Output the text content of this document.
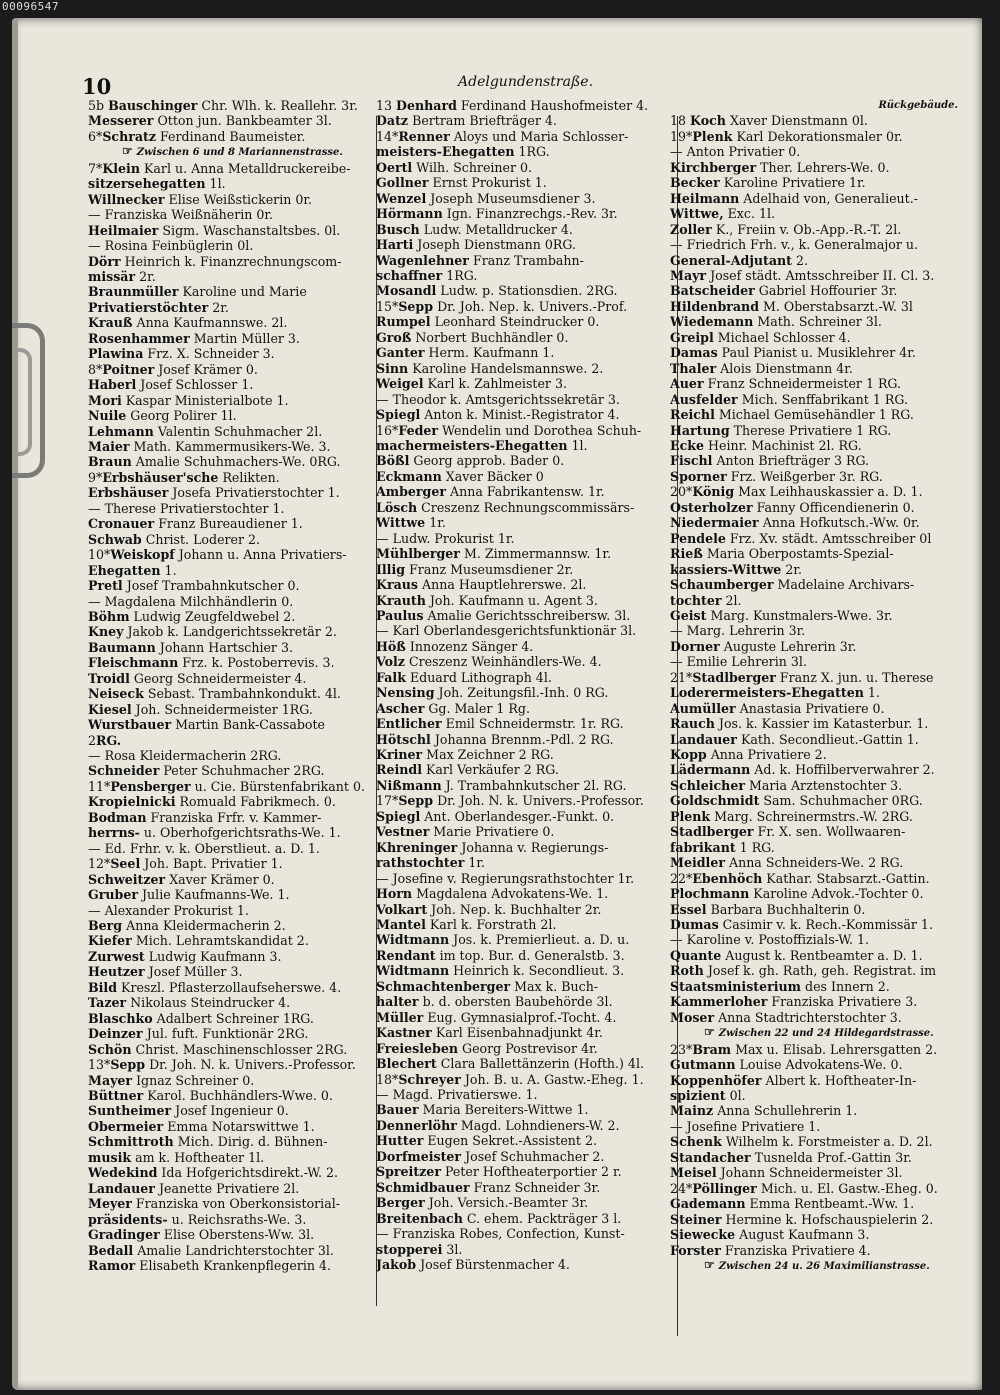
00096547
10	Adelgundenstraße.
5b Bauschinger Chr. Wlh. k. Reallehr. 3r.
Messerer Otton jun. Bankbeamter 3l.
6*Schratz Ferdinand Baumeister.
☞ Zwischen 6 und 8 Mariannenstrasse.
7*Klein Karl u. Anna Metalldruckereibe-
sitzersehegatten 1l.
Willnecker Elise Weißstickerin 0r.
— Franziska Weißnäherin 0r.
Heilmaier Sigm. Waschanstaltsbes. 0l.
— Rosina Feinbüglerin 0l.
Dörr Heinrich k. Finanzrechnungscom-
missär 2r.
Braunmüller Karoline und Marie
Privatierstöchter 2r.
Krauß Anna Kaufmannswe. 2l.
Rosenhammer Martin Müller 3.
Plawina Frz. X. Schneider 3.
8*Poitner Josef Krämer 0.
Haberl Josef Schlosser 1.
Mori Kaspar Ministerialbote 1.
Nuile Georg Polirer 1l.
Lehmann Valentin Schuhmacher 2l.
Maier Math. Kammermusikers-We. 3.
Braun Amalie Schuhmachers-We. 0RG.
9*Erbshäuser'sche Relikten.
Erbshäuser Josefa Privatierstochter 1.
— Therese Privatierstochter 1.
Cronauer Franz Bureaudiener 1.
Schwab Christ. Loderer 2.
10*Weiskopf Johann u. Anna Privatiers-
Ehegatten 1.
Pretl Josef Trambahnkutscher 0.
— Magdalena Milchhändlerin 0.
Böhm Ludwig Zeugfeldwebel 2.
Kney Jakob k. Landgerichtssekretär 2.
Baumann Johann Hartschier 3.
Fleischmann Frz. k. Postoberrevis. 3.
Troidl Georg Schneidermeister 4.
Neiseck Sebast. Trambahnkondukt. 4l.
Kiesel Joh. Schneidermeister 1RG.
Wurstbauer Martin Bank-Cassabote
2RG.
— Rosa Kleidermacherin 2RG.
Schneider Peter Schuhmacher 2RG.
11*Pensberger u. Cie. Bürstenfabrikant 0.
Kropielnicki Romuald Fabrikmech. 0.
Bodman Franziska Frfr. v. Kammer-
herrns- u. Oberhofgerichtsraths-We. 1.
— Ed. Frhr. v. k. Oberstlieut. a. D. 1.
12*Seel Joh. Bapt. Privatier 1.
Schweitzer Xaver Krämer 0.
Gruber Julie Kaufmanns-We. 1.
— Alexander Prokurist 1.
Berg Anna Kleidermacherin 2.
Kiefer Mich. Lehramtskandidat 2.
Zurwest Ludwig Kaufmann 3.
Heutzer Josef Müller 3.
Bild Kreszl. Pflasterzollaufseherswe. 4.
Tazer Nikolaus Steindrucker 4.
Blaschko Adalbert Schreiner 1RG.
Deinzer Jul. fuft. Funktionär 2RG.
Schön Christ. Maschinenschlosser 2RG.
13*Sepp Dr. Joh. N. k. Univers.-Professor.
Mayer Ignaz Schreiner 0.
Büttner Karol. Buchhändlers-Wwe. 0.
Suntheimer Josef Ingenieur 0.
Obermeier Emma Notarswittwe 1.
Schmittroth Mich. Dirig. d. Bühnen-
musik am k. Hoftheater 1l.
Wedekind Ida Hofgerichtsdirekt.-W. 2.
Landauer Jeanette Privatiere 2l.
Meyer Franziska von Oberkonsistorial-
präsidents- u. Reichsraths-We. 3.
Gradinger Elise Oberstens-Ww. 3l.
Bedall Amalie Landrichterstochter 3l.
Ramor Elisabeth Krankenpflegerin 4.
13 Denhard Ferdinand Haushofmeister 4.
Datz Bertram Briefträger 4.
14*Renner Aloys und Maria Schlosser-
meisters-Ehegatten 1RG.
Oertl Wilh. Schreiner 0.
Gollner Ernst Prokurist 1.
Wenzel Joseph Museumsdiener 3.
Hörmann Ign. Finanzrechgs.-Rev. 3r.
Busch Ludw. Metalldrucker 4.
Harti Joseph Dienstmann 0RG.
Wagenlehner Franz Trambahn-
schaffner 1RG.
Mosandl Ludw. p. Stationsdien. 2RG.
15*Sepp Dr. Joh. Nep. k. Univers.-Prof.
Rumpel Leonhard Steindrucker 0.
Groß Norbert Buchhändler 0.
Ganter Herm. Kaufmann 1.
Sinn Karoline Handelsmannswe. 2.
Weigel Karl k. Zahlmeister 3.
— Theodor k. Amtsgerichtssekretär 3.
Spiegl Anton k. Minist.-Registrator 4.
16*Feder Wendelin und Dorothea Schuh-
machermeisters-Ehegatten 1l.
Bößl Georg approb. Bader 0.
Eckmann Xaver Bäcker 0
Amberger Anna Fabrikantensw. 1r.
Lösch Creszenz Rechnungscommissärs-
Wittwe 1r.
— Ludw. Prokurist 1r.
Mühlberger M. Zimmermannsw. 1r.
Illig Franz Museumsdiener 2r.
Kraus Anna Hauptlehrerswe. 2l.
Krauth Joh. Kaufmann u. Agent 3.
Paulus Amalie Gerichtsschreibersw. 3l.
— Karl Oberlandesgerichtsfunktionär 3l.
Höß Innozenz Sänger 4.
Volz Creszenz Weinhändlers-We. 4.
Falk Eduard Lithograph 4l.
Nensing Joh. Zeitungsfil.-Inh. 0 RG.
Ascher Gg. Maler 1 Rg.
Entlicher Emil Schneidermstr. 1r. RG.
Hötschl Johanna Brennm.-Pdl. 2 RG.
Kriner Max Zeichner 2 RG.
Reindl Karl Verkäufer 2 RG.
Nißmann J. Trambahnkutscher 2l. RG.
17*Sepp Dr. Joh. N. k. Univers.-Professor.
Spiegl Ant. Oberlandesger.-Funkt. 0.
Vestner Marie Privatiere 0.
Khreninger Johanna v. Regierungs-
rathstochter 1r.
— Josefine v. Regierungsrathstochter 1r.
Horn Magdalena Advokatens-We. 1.
Volkart Joh. Nep. k. Buchhalter 2r.
Mantel Karl k. Forstrath 2l.
Widtmann Jos. k. Premierlieut. a. D. u.
Rendant im top. Bur. d. Generalstb. 3.
Widtmann Heinrich k. Secondlieut. 3.
Schmachtenberger Max k. Buch-
halter b. d. obersten Baubehörde 3l.
Müller Eug. Gymnasialprof.-Tocht. 4.
Kastner Karl Eisenbahnadjunkt 4r.
Freiesleben Georg Postrevisor 4r.
Blechert Clara Ballettänzerin (Hofth.) 4l.
18*Schreyer Joh. B. u. A. Gastw.-Eheg. 1.
— Magd. Privatierswe. 1.
Bauer Maria Bereiters-Wittwe 1.
Dennerlöhr Magd. Lohndieners-W. 2.
Hutter Eugen Sekret.-Assistent 2.
Dorfmeister Josef Schuhmacher 2.
Spreitzer Peter Hoftheaterportier 2 r.
Schmidbauer Franz Schneider 3r.
Berger Joh. Versich.-Beamter 3r.
Breitenbach C. ehem. Packträger 3 l.
— Franziska Robes, Confection, Kunst-
stopperei 3l.
Jakob Josef Bürstenmacher 4.
Rückgebäude.
18 Koch Xaver Dienstmann 0l.
19*Plenk Karl Dekorationsmaler 0r.
— Anton Privatier 0.
Kirchberger Ther. Lehrers-We. 0.
Becker Karoline Privatiere 1r.
Heilmann Adelhaid von, Generalieut.-
Wittwe, Exc. 1l.
Zoller K., Freiin v. Ob.-App.-R.-T. 2l.
— Friedrich Frh. v., k. Generalmajor u.
General-Adjutant 2.
Mayr Josef städt. Amtsschreiber II. Cl. 3.
Batscheider Gabriel Hoffourier 3r.
Hildenbrand M. Oberstabsarzt.-W. 3l
Wiedemann Math. Schreiner 3l.
Greipl Michael Schlosser 4.
Damas Paul Pianist u. Musiklehrer 4r.
Thaler Alois Dienstmann 4r.
Auer Franz Schneidermeister 1 RG.
Ausfelder Mich. Senffabrikant 1 RG.
Reichl Michael Gemüsehändler 1 RG.
Hartung Therese Privatiere 1 RG.
Ecke Heinr. Machinist 2l. RG.
Fischl Anton Briefträger 3 RG.
Sporner Frz. Weißgerber 3r. RG.
20*König Max Leihhauskassier a. D. 1.
Osterholzer Fanny Officendienerin 0.
Niedermaier Anna Hofkutsch.-Ww. 0r.
Pendele Frz. Xv. städt. Amtsschreiber 0l
Rieß Maria Oberpostamts-Spezial-
kassiers-Wittwe 2r.
Schaumberger Madelaine Archivars-
tochter 2l.
Geist Marg. Kunstmalers-Wwe. 3r.
— Marg. Lehrerin 3r.
Dorner Auguste Lehrerin 3r.
— Emilie Lehrerin 3l.
21*Stadlberger Franz X. jun. u. Therese
Loderermeisters-Ehegatten 1.
Aumüller Anastasia Privatiere 0.
Rauch Jos. k. Kassier im Katasterbur. 1.
Landauer Kath. Secondlieut.-Gattin 1.
Kopp Anna Privatiere 2.
Lädermann Ad. k. Hoffilberverwahrer 2.
Schleicher Maria Arztenstochter 3.
Goldschmidt Sam. Schuhmacher 0RG.
Plenk Marg. Schreinermstrs.-W. 2RG.
Stadlberger Fr. X. sen. Wollwaaren-
fabrikant 1 RG.
Meidler Anna Schneiders-We. 2 RG.
22*Ebenhöch Kathar. Stabsarzt.-Gattin.
Plochmann Karoline Advok.-Tochter 0.
Essel Barbara Buchhalterin 0.
Dumas Casimir v. k. Rech.-Kommissär 1.
— Karoline v. Postoffizials-W. 1.
Quante August k. Rentbeamter a. D. 1.
Roth Josef k. gh. Rath, geh. Registrat. im
Staatsministerium des Innern 2.
Kammerloher Franziska Privatiere 3.
Moser Anna Stadtrichterstochter 3.
☞ Zwischen 22 und 24 Hildegardstrasse.
23*Bram Max u. Elisab. Lehrersgatten 2.
Gutmann Louise Advokatens-We. 0.
Koppenhöfer Albert k. Hoftheater-In-
spizient 0l.
Mainz Anna Schullehrerin 1.
— Josefine Privatiere 1.
Schenk Wilhelm k. Forstmeister a. D. 2l.
Standacher Tusnelda Prof.-Gattin 3r.
Meisel Johann Schneidermeister 3l.
24*Pöllinger Mich. u. El. Gastw.-Eheg. 0.
Gademann Emma Rentbeamt.-Ww. 1.
Steiner Hermine k. Hofschauspielerin 2.
Siewecke August Kaufmann 3.
Forster Franziska Privatiere 4.
☞ Zwischen 24 u. 26 Maximilianstrasse.
